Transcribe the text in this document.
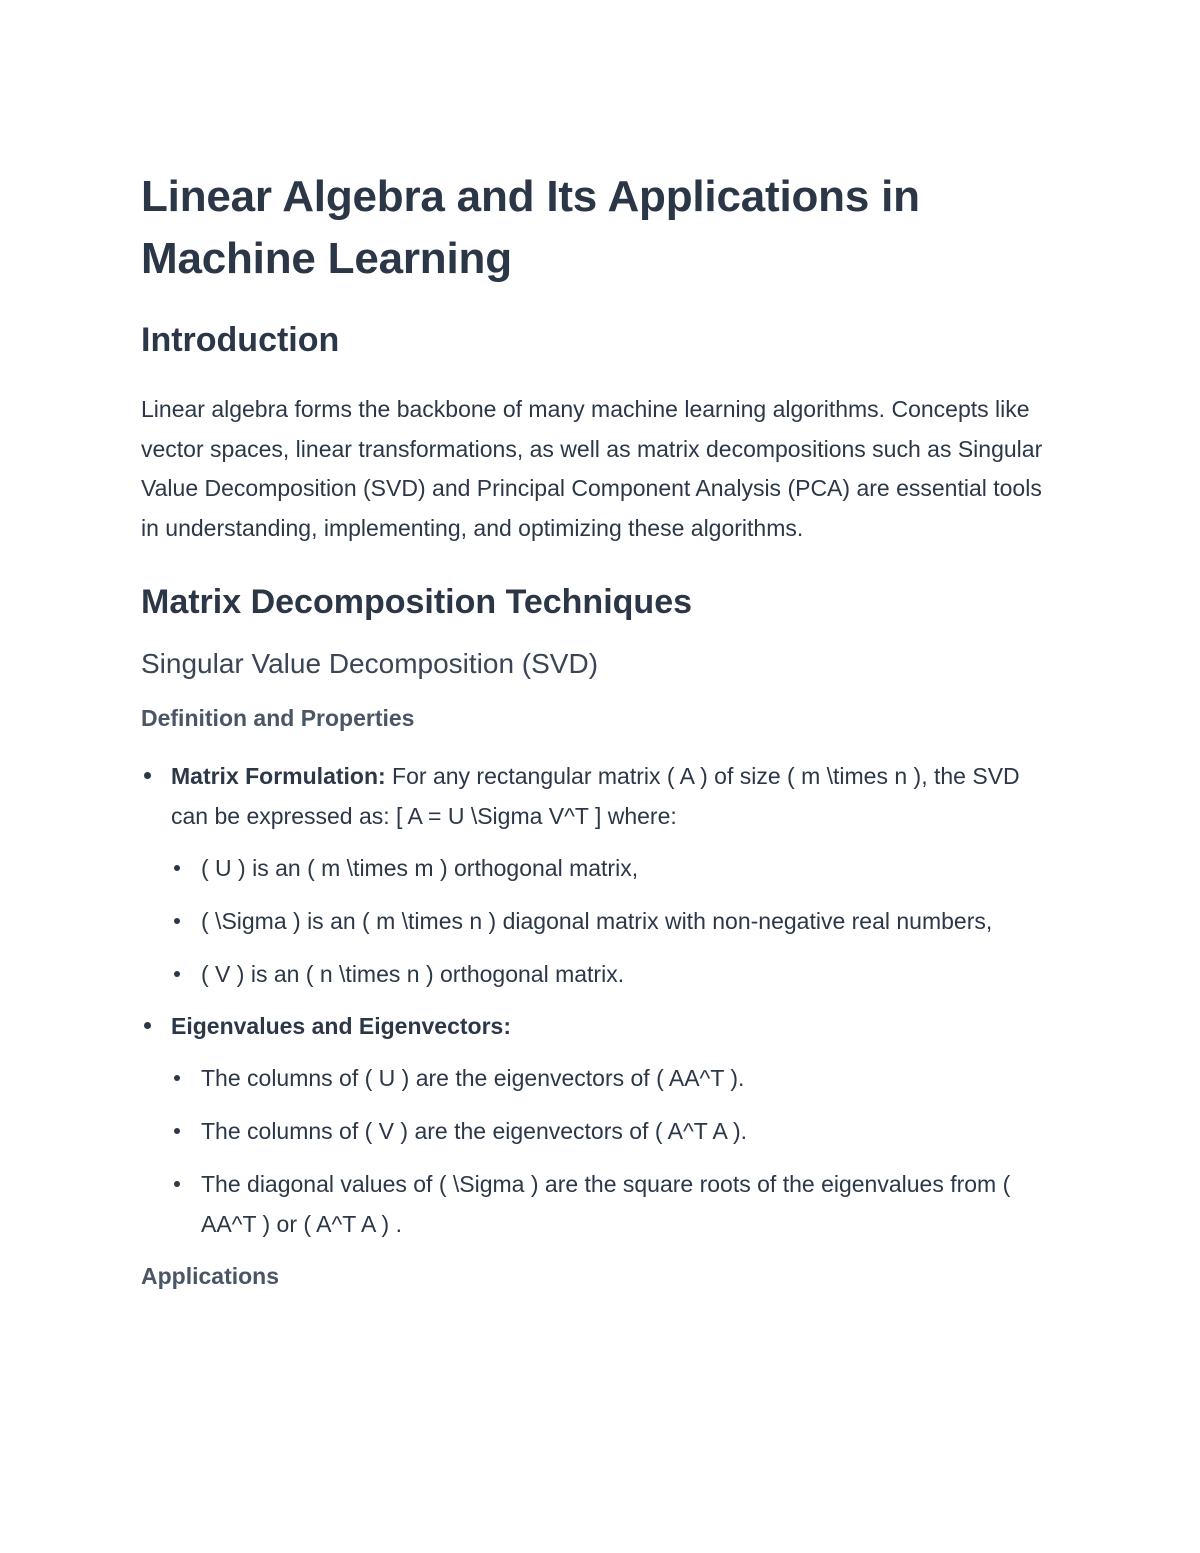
Linear Algebra and Its Applications in Machine Learning
Introduction

Linear algebra forms the backbone of many machine learning algorithms. Concepts like vector spaces, linear transformations, as well as matrix decompositions such as Singular Value Decomposition (SVD) and Principal Component Analysis (PCA) are essential tools in understanding, implementing, and optimizing these algorithms.

Matrix Decomposition Techniques
Singular Value Decomposition (SVD)
Definition and Properties
Matrix Formulation: For any rectangular matrix ( A ) of size ( m \times n ), the SVD can be expressed as: [ A = U \Sigma V^T ] where:
( U ) is an ( m \times m ) orthogonal matrix,
( \Sigma ) is an ( m \times n ) diagonal matrix with non-negative real numbers,
( V ) is an ( n \times n ) orthogonal matrix.
Eigenvalues and Eigenvectors:
The columns of ( U ) are the eigenvectors of ( AA^T ).
The columns of ( V ) are the eigenvectors of ( A^T A ).
The diagonal values of ( \Sigma ) are the square roots of the eigenvalues from ( AA^T ) or ( A^T A ) .
Applications
